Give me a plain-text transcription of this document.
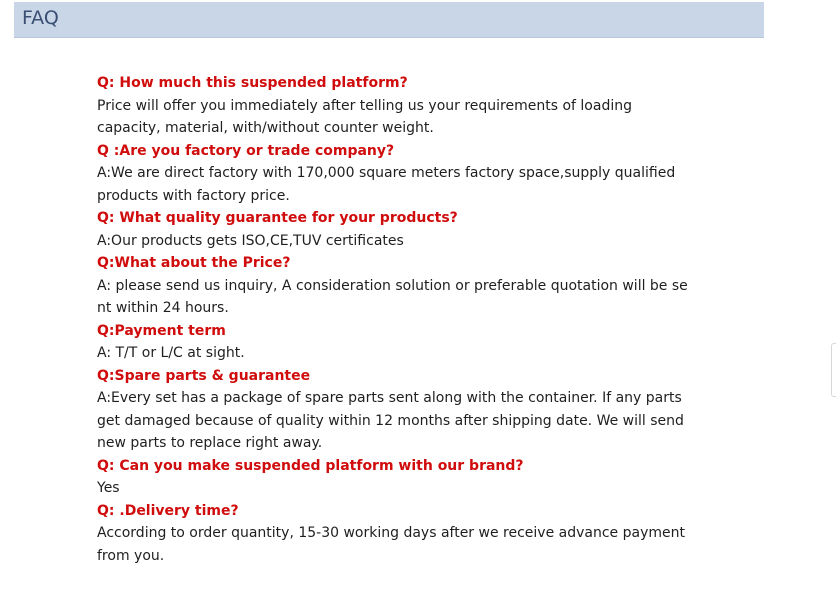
FAQ
Q: How much this suspended platform?
Price will offer you immediately after telling us your requirements of loading
capacity, material, with/without counter weight.
Q :Are you factory or trade company?
A:We are direct factory with 170,000 square meters factory space,supply qualified
products with factory price.
Q: What quality guarantee for your products?
A:Our products gets ISO,CE,TUV certificates
Q:What about the Price?
A: please send us inquiry, A consideration solution or preferable quotation will be se
nt within 24 hours.
Q:Payment term
A: T/T or L/C at sight.
Q:Spare parts & guarantee
A:Every set has a package of spare parts sent along with the container. If any parts
get damaged because of quality within 12 months after shipping date. We will send
new parts to replace right away.
Q: Can you make suspended platform with our brand?
Yes
Q: .Delivery time?
According to order quantity, 15-30 working days after we receive advance payment
from you.
